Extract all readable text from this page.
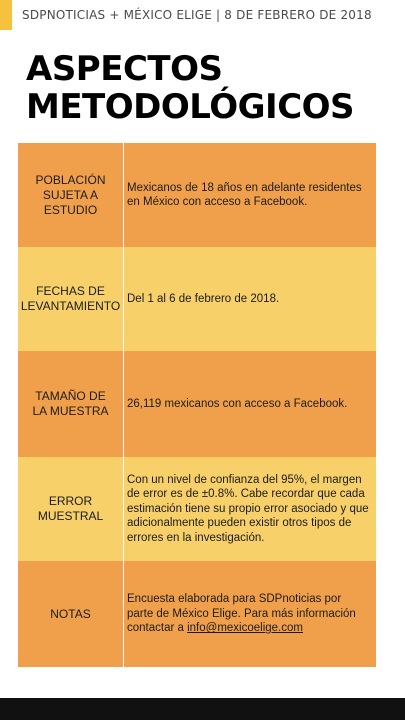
SDPNOTICIAS + MÉXICO ELIGE | 8 DE FEBRERO DE 2018
ASPECTOS
METODOLÓGICOS
POBLACIÓN
SUJETA A
ESTUDIO
Mexicanos de 18 años en adelante residentes en México con acceso a Facebook.
FECHAS DE
LEVANTAMIENTO
Del 1 al 6 de febrero de 2018.
TAMAÑO DE
LA MUESTRA
26,119 mexicanos con acceso a Facebook.
ERROR
MUESTRAL
Con un nivel de confianza del 95%, el margen de error es de ±0.8%. Cabe recordar que cada estimación tiene su propio error asociado y que adicionalmente pueden existir otros tipos de errores en la investigación.
NOTAS
Encuesta elaborada para SDPnoticias por parte de México Elige. Para más información contactar a info@mexicoelige.com
